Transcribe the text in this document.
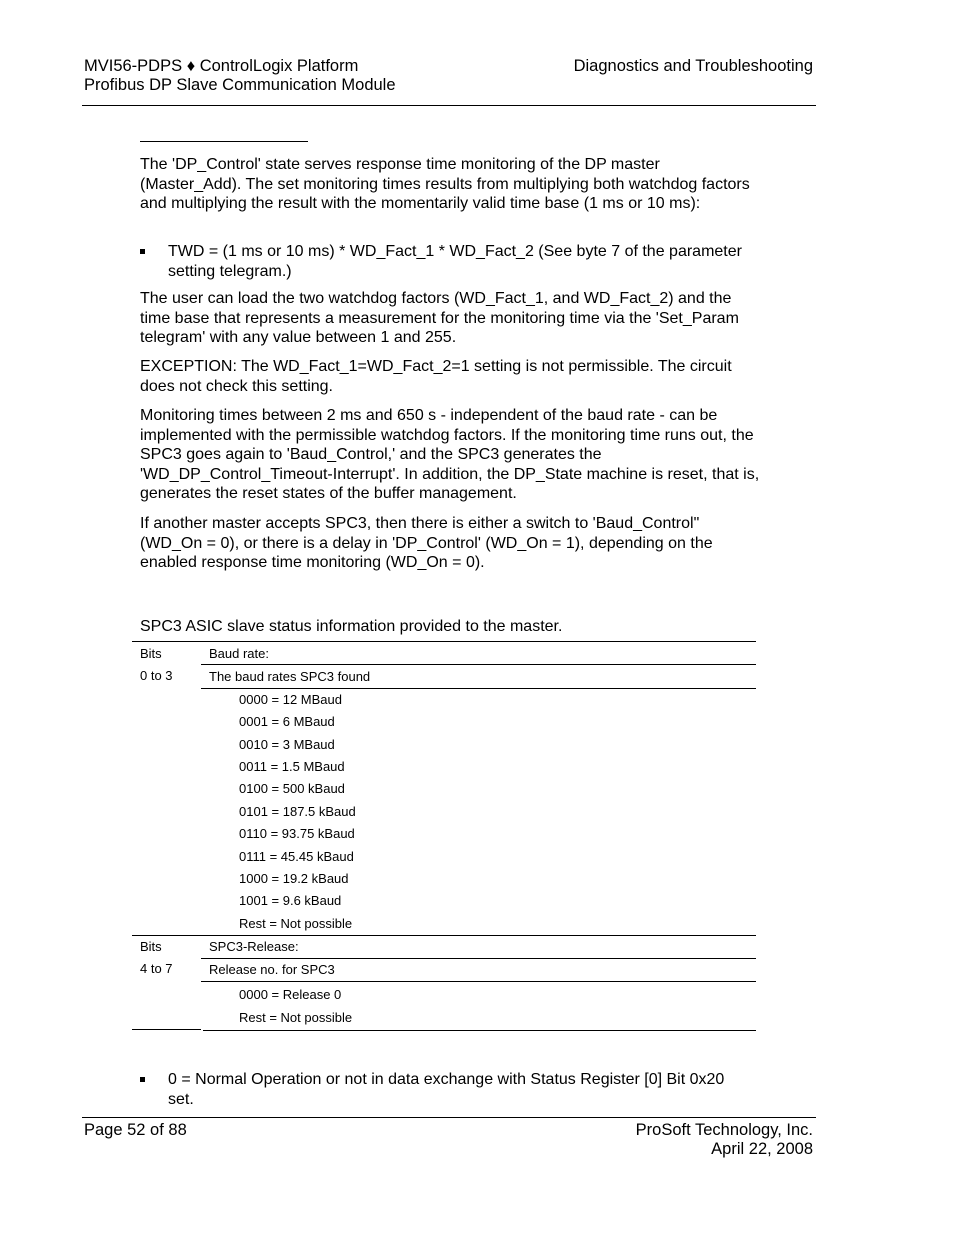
MVI56-PDPS ♦ ControlLogix Platform
Profibus DP Slave Communication Module
Diagnostics and Troubleshooting

The 'DP_Control' state serves response time monitoring of the DP master (Master_Add). The set monitoring times results from multiplying both watchdog factors and multiplying the result with the momentarily valid time base (1 ms or 10 ms):

TWD = (1 ms or 10 ms) * WD_Fact_1 * WD_Fact_2 (See byte 7 of the parameter setting telegram.)

The user can load the two watchdog factors (WD_Fact_1, and WD_Fact_2) and the time base that represents a measurement for the monitoring time via the 'Set_Param telegram' with any value between 1 and 255.

EXCEPTION: The WD_Fact_1=WD_Fact_2=1 setting is not permissible. The circuit does not check this setting.

Monitoring times between 2 ms and 650 s - independent of the baud rate - can be implemented with the permissible watchdog factors. If the monitoring time runs out, the SPC3 goes again to 'Baud_Control,' and the SPC3 generates the 'WD_DP_Control_Timeout-Interrupt'. In addition, the DP_State machine is reset, that is, generates the reset states of the buffer management.

If another master accepts SPC3, then there is either a switch to 'Baud_Control" (WD_On = 0), or there is a delay in 'DP_Control' (WD_On = 1), depending on the enabled response time monitoring (WD_On = 0).

SPC3 ASIC slave status information provided to the master.

Bits
0 to 3
Baud rate:
The baud rates SPC3 found
0000 = 12 MBaud
0001 = 6 MBaud
0010 = 3 MBaud
0011 = 1.5 MBaud
0100 = 500 kBaud
0101 = 187.5 kBaud
0110 = 93.75 kBaud
0111 = 45.45 kBaud
1000 = 19.2 kBaud
1001 = 9.6 kBaud
Rest = Not possible
Bits
4 to 7
SPC3-Release:
Release no. for SPC3
0000 = Release 0
Rest = Not possible
0 = Normal Operation or not in data exchange with Status Register [0] Bit 0x20 set.
Page 52 of 88	ProSoft Technology, Inc.
April 22, 2008
